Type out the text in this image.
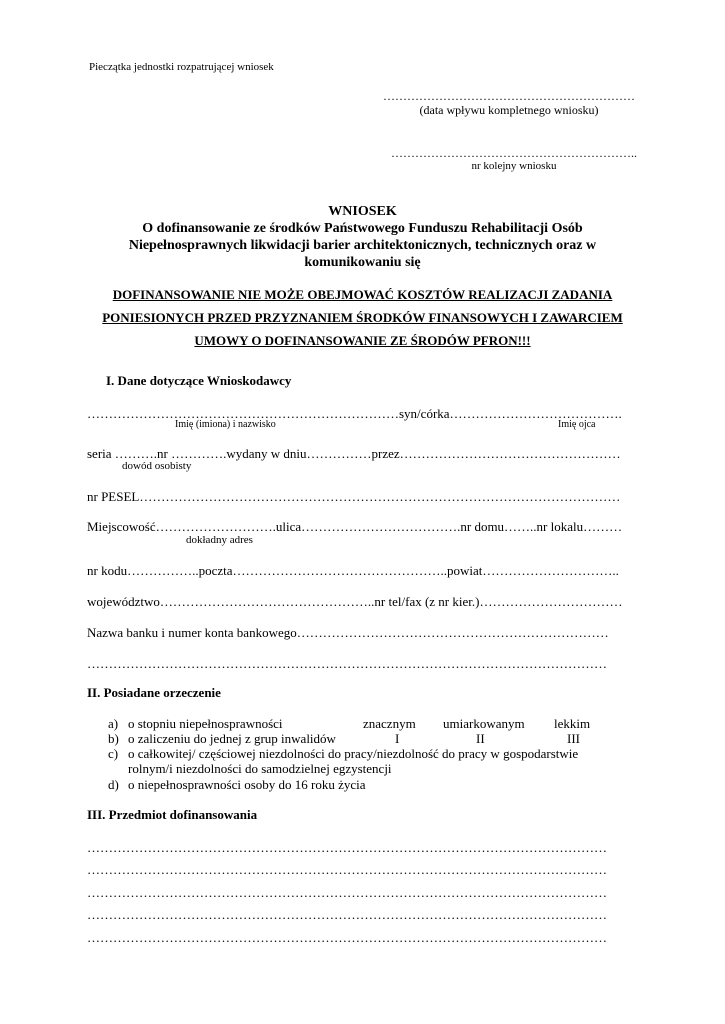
Pieczątka jednostki rozpatrującej wniosek
………………………………………………………
(data wpływu kompletnego wniosku)
……………………………………………………..
nr kolejny wniosku
WNIOSEK
O dofinansowanie ze środków Państwowego Funduszu Rehabilitacji Osób
Niepełnosprawnych likwidacji barier architektonicznych, technicznych oraz w
komunikowaniu się
DOFINANSOWANIE NIE MOŻE OBEJMOWAĆ KOSZTÓW REALIZACJI ZADANIA
PONIESIONYCH PRZED PRZYZNANIEM ŚRODKÓW FINANSOWYCH I ZAWARCIEM
UMOWY O DOFINANSOWANIE ZE ŚRODÓW PFRON!!!
I. Dane dotyczące Wnioskodawcy
………………………………………………………………syn/córka………………………………….
Imię (imiona) i nazwisko	Imię ojca
seria ……….nr ………….wydany w dniu……………przez……………………………………………
dowód osobisty
nr PESEL…………………………………………………………………………………………………
Miejscowość……………………….ulica……………………………….nr domu……..nr lokalu………
dokładny adres
nr kodu……………..poczta…………………………………………..powiat…………………………..
województwo…………………………………………..nr tel/fax (z nr kier.)……………………………
Nazwa banku i numer konta bankowego………………………………………………………………
…………………………………………………………………………………………………………
II. Posiadane orzeczenie
a) o stopniu niepełnosprawności	znacznym umiarkowanym lekkim
b) o zaliczeniu do jednej z grup inwalidów	I	II	III
c) o całkowitej/ częściowej niezdolności do pracy/niezdolność do pracy w gospodarstwie
rolnym/i niezdolności do samodzielnej egzystencji
d) o niepełnosprawności osoby do 16 roku życia
III. Przedmiot dofinansowania
…………………………………………………………………………………………………………
…………………………………………………………………………………………………………
…………………………………………………………………………………………………………
…………………………………………………………………………………………………………
…………………………………………………………………………………………………………
